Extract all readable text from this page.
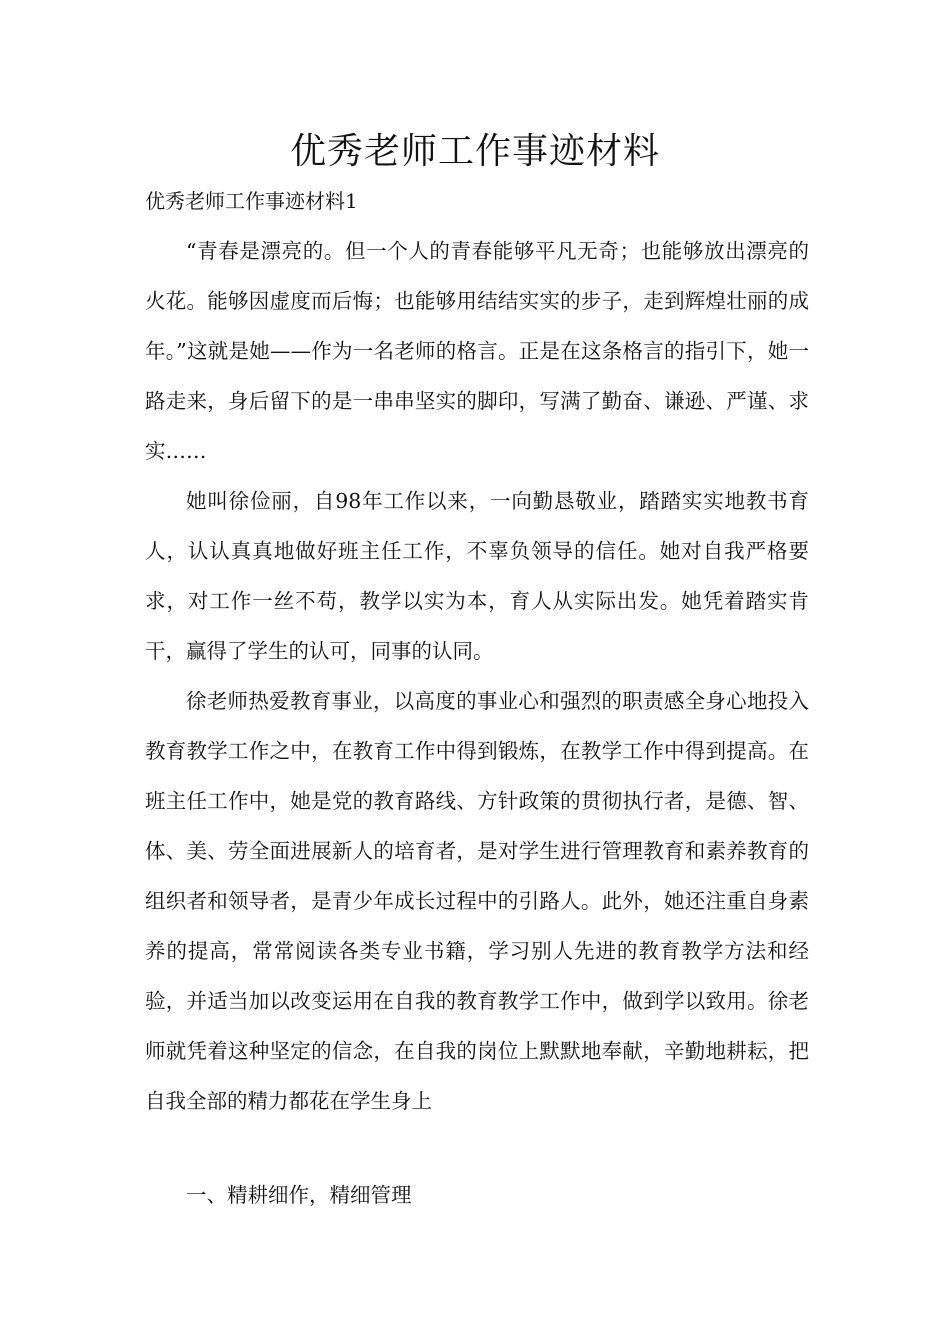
优秀老师工作事迹材料

优秀老师工作事迹材料1

“青春是漂亮的。但一个人的青春能够平凡无奇；也能够放出漂亮的火花。能够因虚度而后悔；也能够用结结实实的步子，走到辉煌壮丽的成年。”这就是她——作为一名老师的格言。正是在这条格言的指引下，她一路走来，身后留下的是一串串坚实的脚印，写满了勤奋、谦逊、严谨、求实……

她叫徐俭丽，自98年工作以来，一向勤恳敬业，踏踏实实地教书育人，认认真真地做好班主任工作，不辜负领导的信任。她对自我严格要求，对工作一丝不苟，教学以实为本，育人从实际出发。她凭着踏实肯干，赢得了学生的认可，同事的认同。

徐老师热爱教育事业，以高度的事业心和强烈的职责感全身心地投入教育教学工作之中，在教育工作中得到锻炼，在教学工作中得到提高。在班主任工作中，她是党的教育路线、方针政策的贯彻执行者，是德、智、体、美、劳全面进展新人的培育者，是对学生进行管理教育和素养教育的组织者和领导者，是青少年成长过程中的引路人。此外，她还注重自身素养的提高，常常阅读各类专业书籍，学习别人先进的教育教学方法和经验，并适当加以改变运用在自我的教育教学工作中，做到学以致用。徐老师就凭着这种坚定的信念，在自我的岗位上默默地奉献，辛勤地耕耘，把自我全部的精力都花在学生身上

一、精耕细作，精细管理
